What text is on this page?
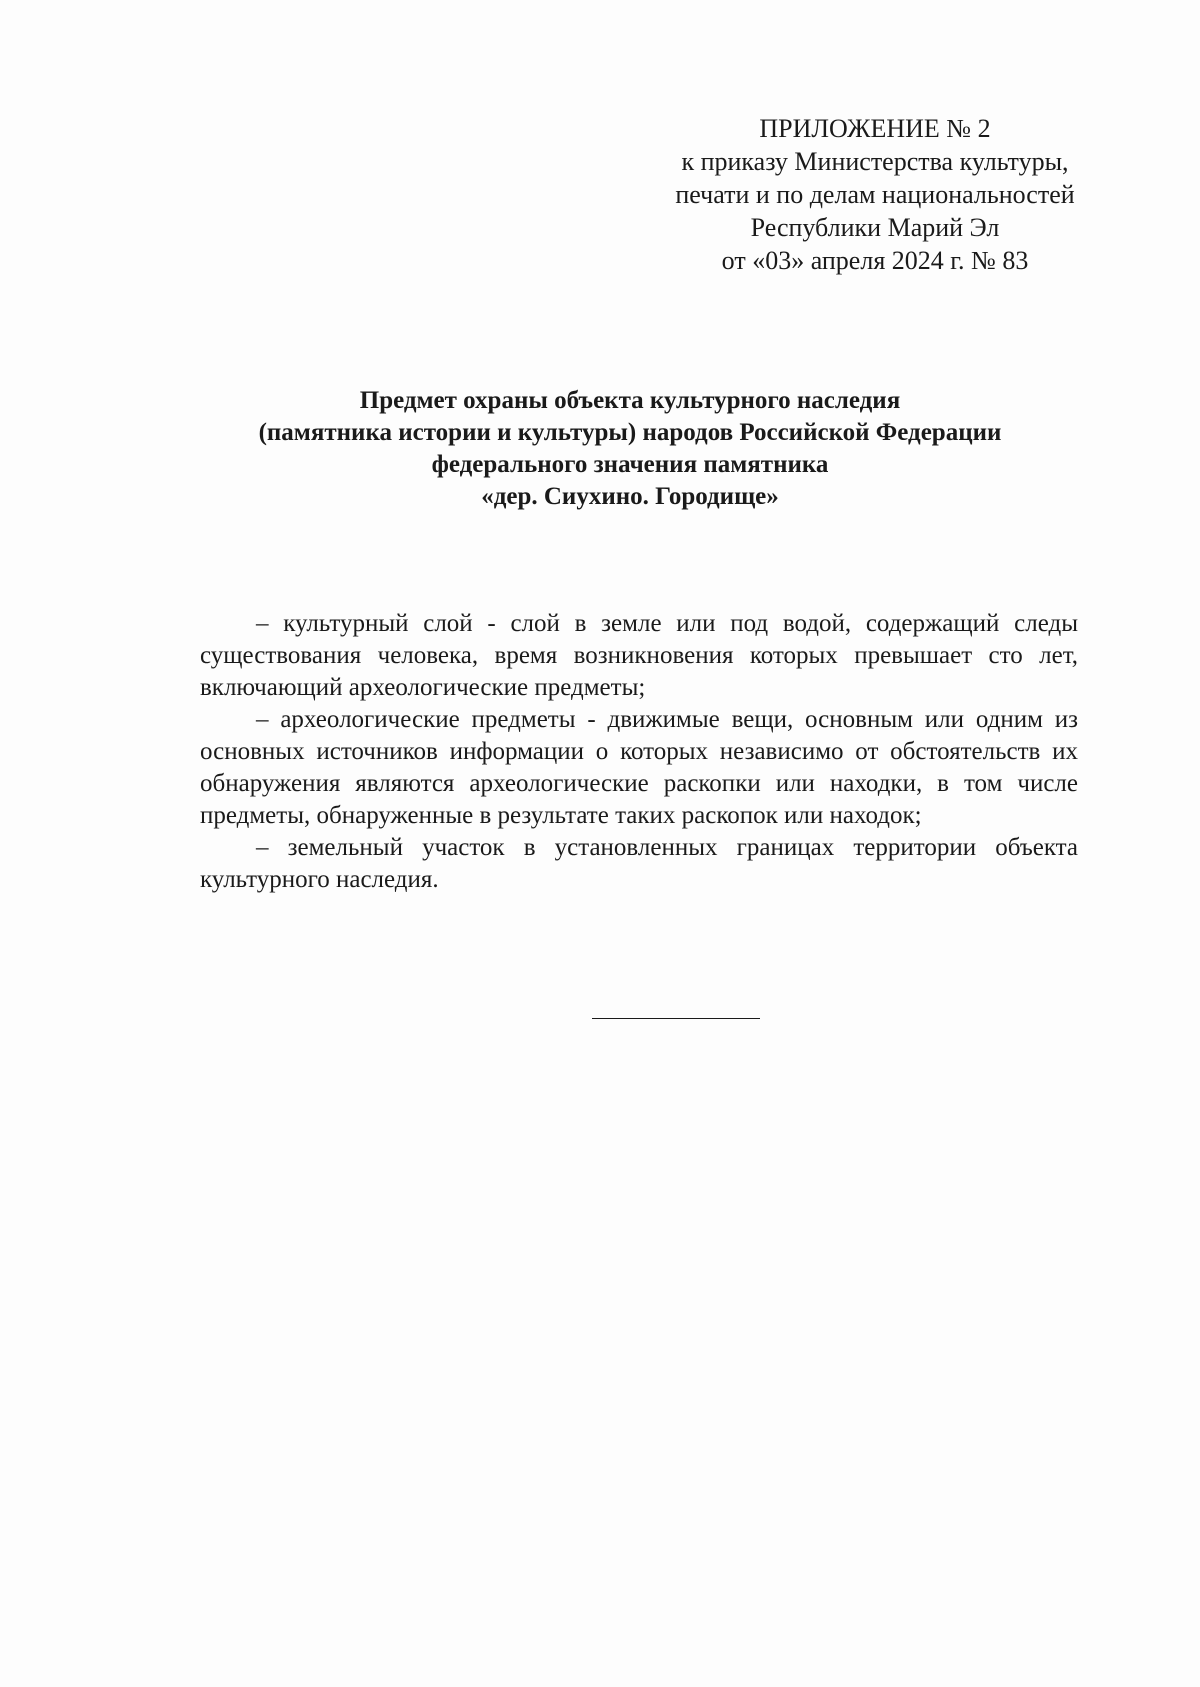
ПРИЛОЖЕНИЕ № 2
к приказу Министерства культуры,
печати и по делам национальностей
Республики Марий Эл
от «03» апреля 2024 г. № 83
Предмет охраны объекта культурного наследия
(памятника истории и культуры) народов Российской Федерации
федерального значения памятника
«дер. Сиухино. Городище»

– культурный слой - слой в земле или под водой, содержащий следы существования человека, время возникновения которых превышает сто лет, включающий археологические предметы;

– археологические предметы - движимые вещи, основным или одним из основных источников информации о которых независимо от обстоятельств их обнаружения являются археологические раскопки или находки, в том числе предметы, обнаруженные в результате таких раскопок или находок;

– земельный участок в установленных границах территории объекта культурного наследия.
